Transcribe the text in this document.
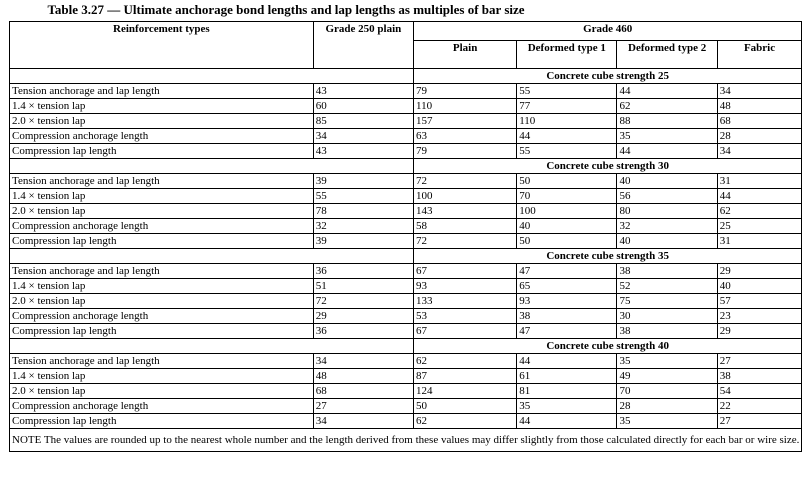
Table 3.27 — Ultimate anchorage bond lengths and lap lengths as multiples of bar size
Reinforcement types	Grade 250 plain	Grade 460			
		Plain	Deformed type 1	Deformed type 2	Fabric
		Concrete cube strength 25			
Tension anchorage and lap length	43	79	55	44	34
1.4 × tension lap	60	110	77	62	48
2.0 × tension lap	85	157	110	88	68
Compression anchorage length	34	63	44	35	28
Compression lap length	43	79	55	44	34
		Concrete cube strength 30			
Tension anchorage and lap length	39	72	50	40	31
1.4 × tension lap	55	100	70	56	44
2.0 × tension lap	78	143	100	80	62
Compression anchorage length	32	58	40	32	25
Compression lap length	39	72	50	40	31
		Concrete cube strength 35			
Tension anchorage and lap length	36	67	47	38	29
1.4 × tension lap	51	93	65	52	40
2.0 × tension lap	72	133	93	75	57
Compression anchorage length	29	53	38	30	23
Compression lap length	36	67	47	38	29
		Concrete cube strength 40			
Tension anchorage and lap length	34	62	44	35	27
1.4 × tension lap	48	87	61	49	38
2.0 × tension lap	68	124	81	70	54
Compression anchorage length	27	50	35	28	22
Compression lap length	34	62	44	35	27
NOTE The values are rounded up to the nearest whole number and the length derived from these values may differ slightly from those calculated directly for each bar or wire size.					
